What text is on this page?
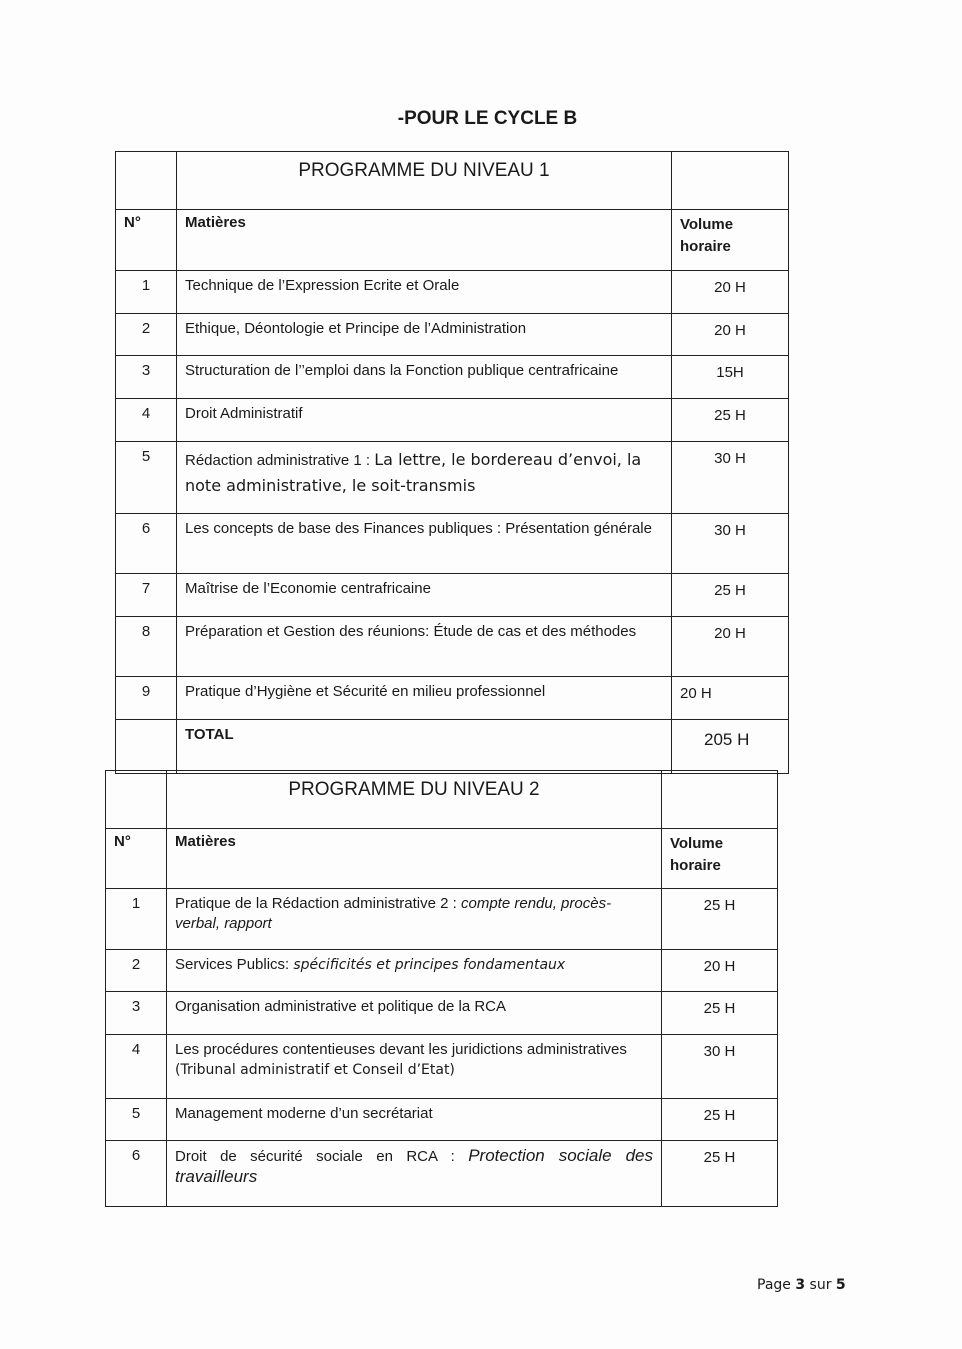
-POUR LE CYCLE B
	PROGRAMME DU NIVEAU 1	
N°	Matières	Volume horaire
1	Technique de l’Expression Ecrite et Orale	20 H
2	Ethique, Déontologie et Principe de l’Administration	20 H
3	Structuration de l’’emploi dans la Fonction publique centrafricaine	15H
4	Droit Administratif	25 H
5	Rédaction administrative 1 : La lettre, le bordereau d’envoi, la note administrative, le soit-transmis	30 H
6	Les concepts de base des Finances publiques : Présentation générale	30 H
7	Maîtrise de l’Economie centrafricaine	25 H
8	Préparation et Gestion des réunions: Étude de cas et des méthodes	20 H
9	Pratique d’Hygiène et Sécurité en milieu professionnel	20 H
	TOTAL	205 H
	PROGRAMME DU NIVEAU 2	
N°	Matières	Volume horaire
1	Pratique de la Rédaction administrative 2 : compte rendu, procès-verbal, rapport	25 H
2	Services Publics: spécificités et principes fondamentaux	20 H
3	Organisation administrative et politique de la RCA	25 H
4	Les procédures contentieuses devant les juridictions administratives (Tribunal administratif et Conseil d’Etat)	30 H
5	Management moderne d’un secrétariat	25 H
6	Droit de sécurité sociale en RCA : Protection sociale des travailleurs	25 H
Page 3 sur 5
